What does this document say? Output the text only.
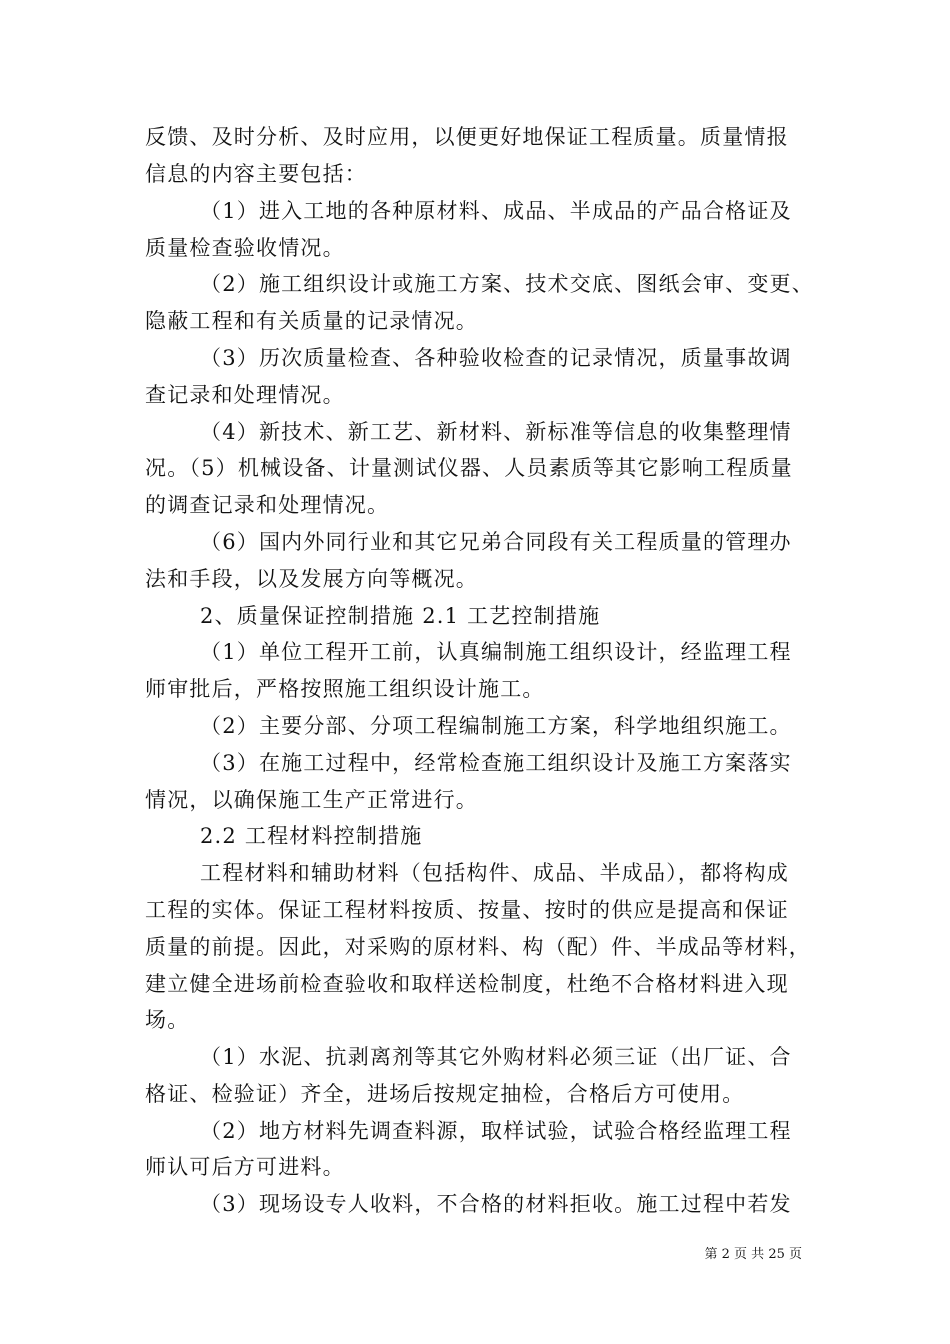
反馈、及时分析、及时应用，以便更好地保证工程质量。质量情报
信息的内容主要包括：
（1）进入工地的各种原材料、成品、半成品的产品合格证及
质量检查验收情况。
（2）施工组织设计或施工方案、技术交底、图纸会审、变更、
隐蔽工程和有关质量的记录情况。
（3）历次质量检查、各种验收检查的记录情况，质量事故调
查记录和处理情况。
（4）新技术、新工艺、新材料、新标准等信息的收集整理情
况。（5）机械设备、计量测试仪器、人员素质等其它影响工程质量
的调查记录和处理情况。
（6）国内外同行业和其它兄弟合同段有关工程质量的管理办
法和手段，以及发展方向等概况。
2、质量保证控制措施 2.1 工艺控制措施
（1）单位工程开工前，认真编制施工组织设计，经监理工程
师审批后，严格按照施工组织设计施工。
（2）主要分部、分项工程编制施工方案，科学地组织施工。
（3）在施工过程中，经常检查施工组织设计及施工方案落实
情况，以确保施工生产正常进行。
2.2 工程材料控制措施
工程材料和辅助材料（包括构件、成品、半成品），都将构成
工程的实体。保证工程材料按质、按量、按时的供应是提高和保证
质量的前提。因此，对采购的原材料、构（配）件、半成品等材料，
建立健全进场前检查验收和取样送检制度，杜绝不合格材料进入现
场。
（1）水泥、抗剥离剂等其它外购材料必须三证（出厂证、合
格证、检验证）齐全，进场后按规定抽检，合格后方可使用。
（2）地方材料先调查料源，取样试验，试验合格经监理工程
师认可后方可进料。
（3）现场设专人收料，不合格的材料拒收。施工过程中若发
第 2 页 共 25 页
